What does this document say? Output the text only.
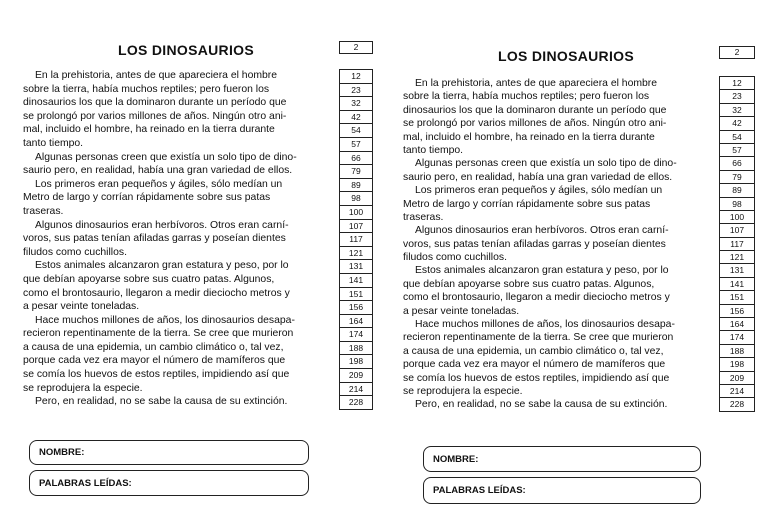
LOS DINOSAURIOS	2
En la prehistoria, antes de que apareciera el hombre
sobre la tierra, había muchos reptiles; pero fueron los
dinosaurios los que la dominaron durante un período que
se prolongó por varios millones de años. Ningún otro ani-
mal, incluido el hombre, ha reinado en la tierra durante
tanto tiempo.
Algunas personas creen que existía un solo tipo de dino-
saurio pero, en realidad, había una gran variedad de ellos.
Los primeros eran pequeños y ágiles, sólo medían un
Metro de largo y corrían rápidamente sobre sus patas
traseras.
Algunos dinosaurios eran herbívoros. Otros eran carní-
voros, sus patas tenían afiladas garras y poseían dientes
filudos como cuchillos.
Estos animales alcanzaron gran estatura y peso, por lo
que debían apoyarse sobre sus cuatro patas. Algunos,
como el brontosaurio, llegaron a medir dieciocho metros y
a pesar veinte toneladas.
Hace muchos millones de años, los dinosaurios desapa-
recieron repentinamente de la tierra. Se cree que murieron
a causa de una epidemia, un cambio climático o, tal vez,
porque cada vez era mayor el número de mamíferos que
se comía los huevos de estos reptiles, impidiendo así que
se reprodujera la especie.
Pero, en realidad, no se sabe la causa de su extinción.
12
23
32
42
54
57
66
79
89
98
100
107
117
121
131
141
151
156
164
174
188
198
209
214
228
NOMBRE:
PALABRAS LEÍDAS:
LOS DINOSAURIOS	2
En la prehistoria, antes de que apareciera el hombre
sobre la tierra, había muchos reptiles; pero fueron los
dinosaurios los que la dominaron durante un período que
se prolongó por varios millones de años. Ningún otro ani-
mal, incluido el hombre, ha reinado en la tierra durante
tanto tiempo.
Algunas personas creen que existía un solo tipo de dino-
saurio pero, en realidad, había una gran variedad de ellos.
Los primeros eran pequeños y ágiles, sólo medían un
Metro de largo y corrían rápidamente sobre sus patas
traseras.
Algunos dinosaurios eran herbívoros. Otros eran carní-
voros, sus patas tenían afiladas garras y poseían dientes
filudos como cuchillos.
Estos animales alcanzaron gran estatura y peso, por lo
que debían apoyarse sobre sus cuatro patas. Algunos,
como el brontosaurio, llegaron a medir dieciocho metros y
a pesar veinte toneladas.
Hace muchos millones de años, los dinosaurios desapa-
recieron repentinamente de la tierra. Se cree que murieron
a causa de una epidemia, un cambio climático o, tal vez,
porque cada vez era mayor el número de mamíferos que
se comía los huevos de estos reptiles, impidiendo así que
se reprodujera la especie.
Pero, en realidad, no se sabe la causa de su extinción.
12
23
32
42
54
57
66
79
89
98
100
107
117
121
131
141
151
156
164
174
188
198
209
214
228
NOMBRE:
PALABRAS LEÍDAS:
